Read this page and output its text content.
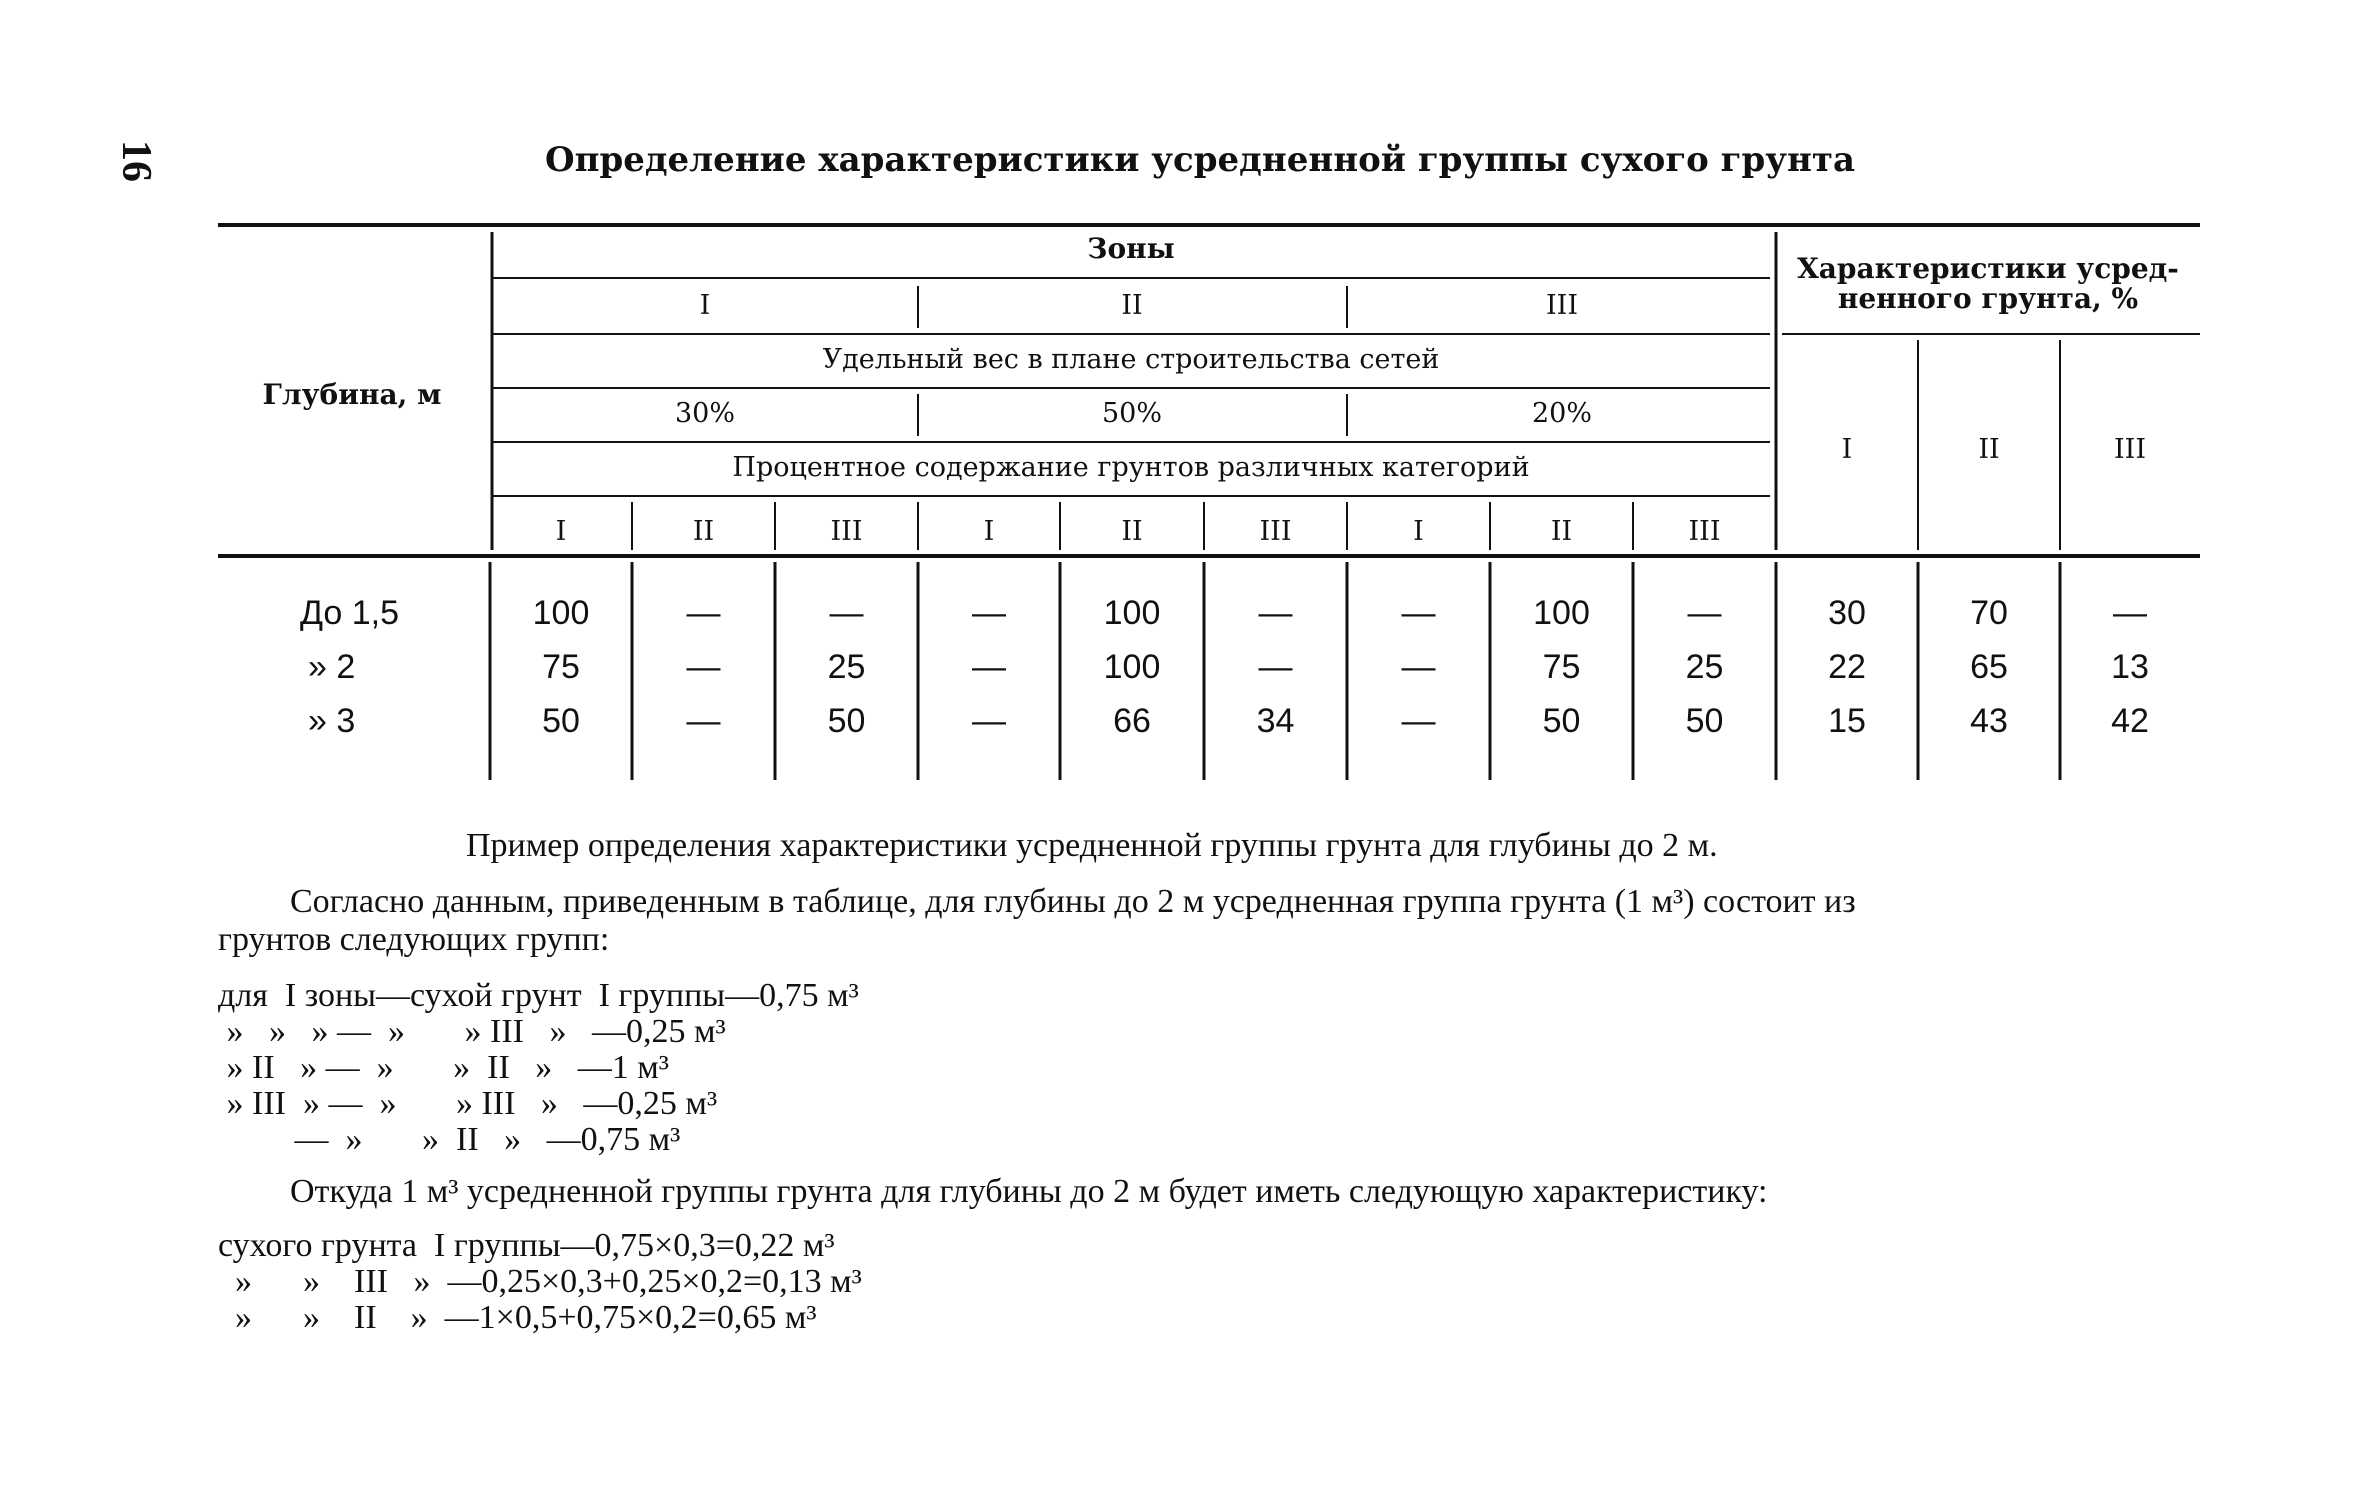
16	Определение характеристики усредненной группы сухого грунта
Глубина, м
Зоны
I	II	III
Удельный вес в плане строительства сетей
30%	50%	20%
Процентное содержание грунтов различных категорий
I	II	III	I	II	III	I	II	III
Характеристики усред-
ненного грунта, %
I	II	III
До 1,5	100	—	—	—	100	—	—	100	—	30	70	—
» 2	75	—	25	—	100	—	—	75	25	22	65	13
» 3	50	—	50	—	66	34	—	50	50	15	43	42
Пример определения характеристики усредненной группы грунта для глубины до 2 м.
Согласно данным, приведенным в таблице, для глубины до 2 м усредненная группа грунта (1 м³) состоит из
грунтов следующих групп:
для  I зоны—сухой грунт  I группы—0,75 м³
»   »   » —  »       » III   »   —0,25 м³
» II   » —  »       »  II   »   —1 м³
» III  » —  »       » III   »   —0,25 м³
—  »       »  II   »   —0,75 м³
Откуда 1 м³ усредненной группы грунта для глубины до 2 м будет иметь следующую характеристику:
сухого грунта  I группы—0,75×0,3=0,22 м³
»      »    III   »  —0,25×0,3+0,25×0,2=0,13 м³
»      »    II    »  —1×0,5+0,75×0,2=0,65 м³
